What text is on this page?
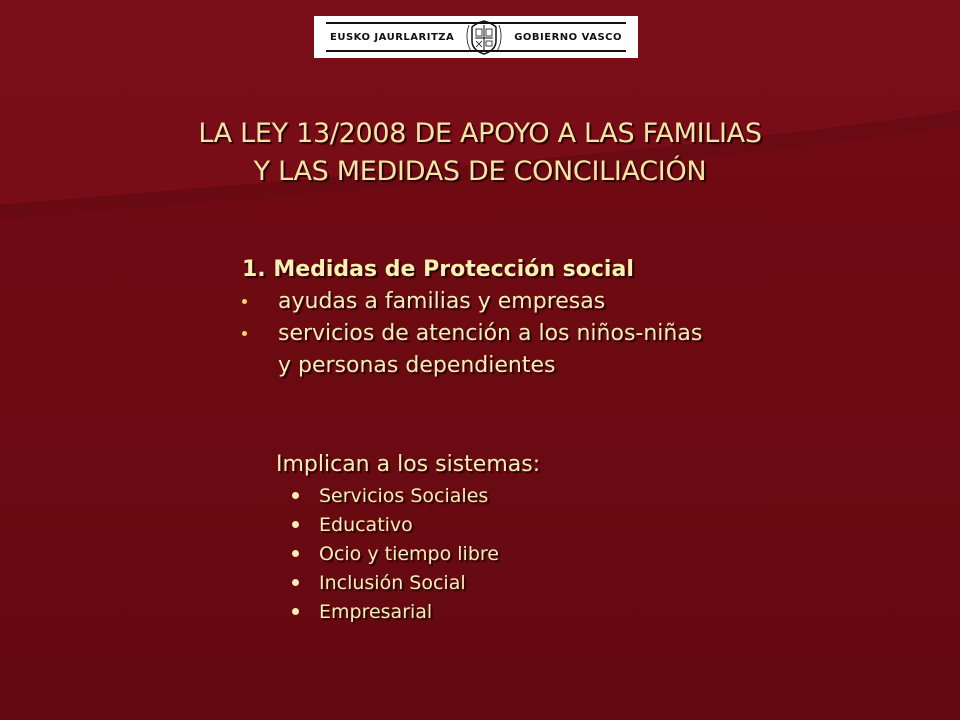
EUSKO JAURLARITZA	GOBIERNO VASCO
LA LEY 13/2008 DE APOYO A LAS FAMILIAS
Y LAS MEDIDAS DE CONCILIACIÓN
1. Medidas de Protección social
ayudas a familias y empresas
servicios de atención a los niños-niñas
y personas dependientes
Implican a los sistemas:
Servicios Sociales
Educativo
Ocio y tiempo libre
Inclusión Social
Empresarial
